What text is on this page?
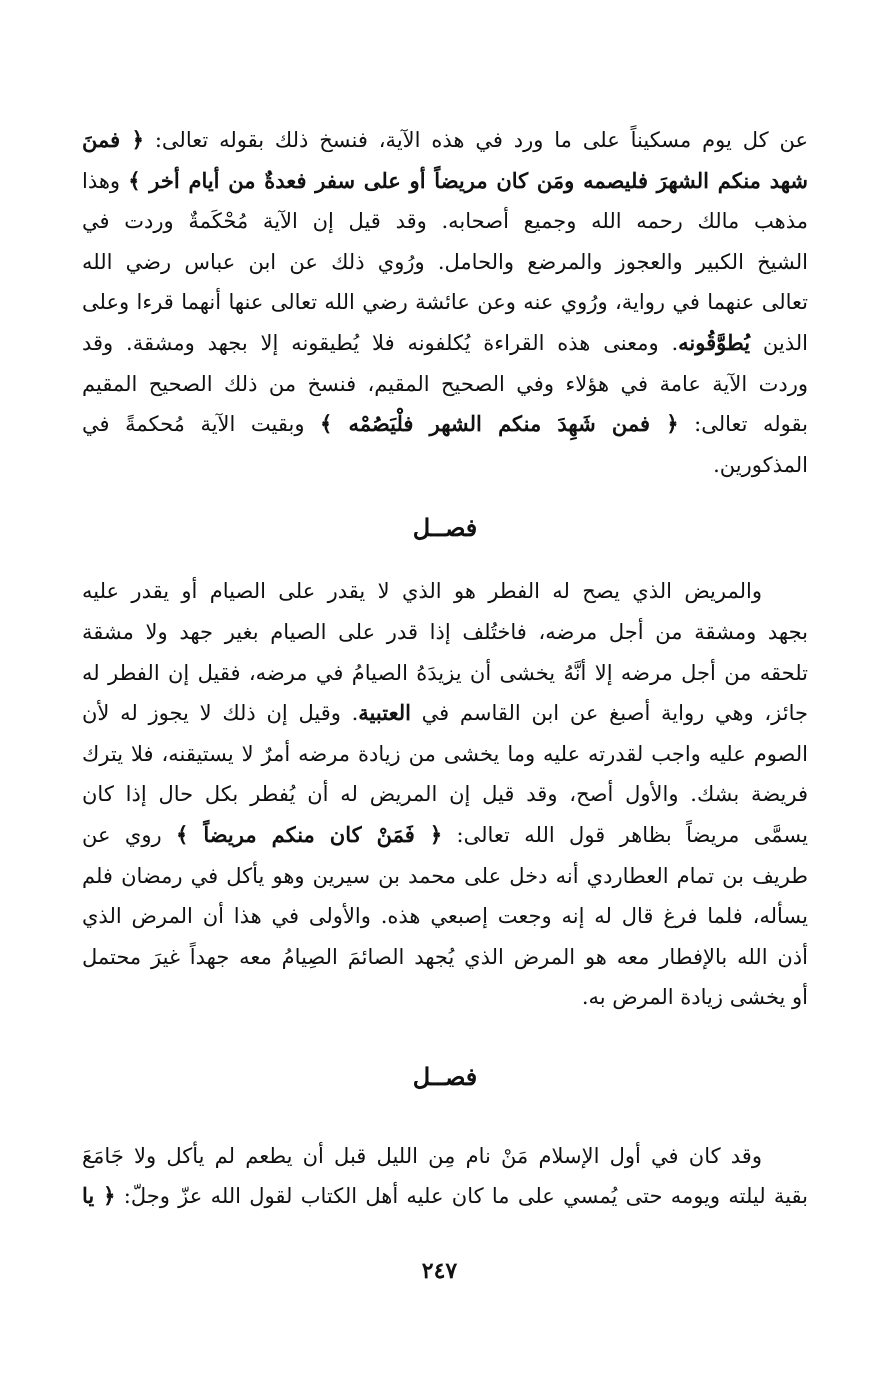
عن كل يوم مسكيناً على ما ورد في هذه الآية، فنسخ ذلك بقوله تعالى: ﴿ فمنَ
شهد منكم الشهرَ فليصمه ومَن كان مريضاً أو على سفر فعدةٌ من أيام أخر ﴾ وهذا
مذهب مالك رحمه الله وجميع أصحابه. وقد قيل إن الآية مُحْكَمةٌ وردت في
الشيخ الكبير والعجوز والمرضع والحامل. ورُوي ذلك عن ابن عباس رضي الله
تعالى عنهما في رواية، ورُوي عنه وعن عائشة رضي الله تعالى عنها أنهما قرءا وعلى
الذين يُطوَّقُونه. ومعنى هذه القراءة يُكلفونه فلا يُطيقونه إلا بجهد ومشقة. وقد
وردت الآية عامة في هؤلاء وفي الصحيح المقيم، فنسخ من ذلك الصحيح المقيم
بقوله تعالى: ﴿ فمن شَهِدَ منكم الشهر فلْيَصُمْه ﴾ وبقيت الآية مُحكمةً في
المذكورين.
فصــل
والمريض الذي يصح له الفطر هو الذي لا يقدر على الصيام أو يقدر عليه
بجهد ومشقة من أجل مرضه، فاختُلف إذا قدر على الصيام بغير جهد ولا مشقة
تلحقه من أجل مرضه إلا أنَّهُ يخشى أن يزيدَهُ الصيامُ في مرضه، فقيل إن الفطر له
جائز، وهي رواية أصبغ عن ابن القاسم في العتبية. وقيل إن ذلك لا يجوز له لأن
الصوم عليه واجب لقدرته عليه وما يخشى من زيادة مرضه أمرٌ لا يستيقنه، فلا يترك
فريضة بشك. والأول أصح، وقد قيل إن المريض له أن يُفطر بكل حال إذا كان
يسمَّى مريضاً بظاهر قول الله تعالى: ﴿ فَمَنْ كان منكم مريضاً ﴾ روي عن
طريف بن تمام العطاردي أنه دخل على محمد بن سيرين وهو يأكل في رمضان فلم
يسأله، فلما فرغ قال له إنه وجعت إصبعي هذه. والأولى في هذا أن المرض الذي
أذن الله بالإفطار معه هو المرض الذي يُجهد الصائمَ الصِيامُ معه جهداً غيرَ محتمل
أو يخشى زيادة المرض به.
فصــل
وقد كان في أول الإسلام مَنْ نام مِن الليل قبل أن يطعم لم يأكل ولا جَامَعَ
بقية ليلته ويومه حتى يُمسي على ما كان عليه أهل الكتاب لقول الله عزّ وجلّ: ﴿ يا
٢٤٧
